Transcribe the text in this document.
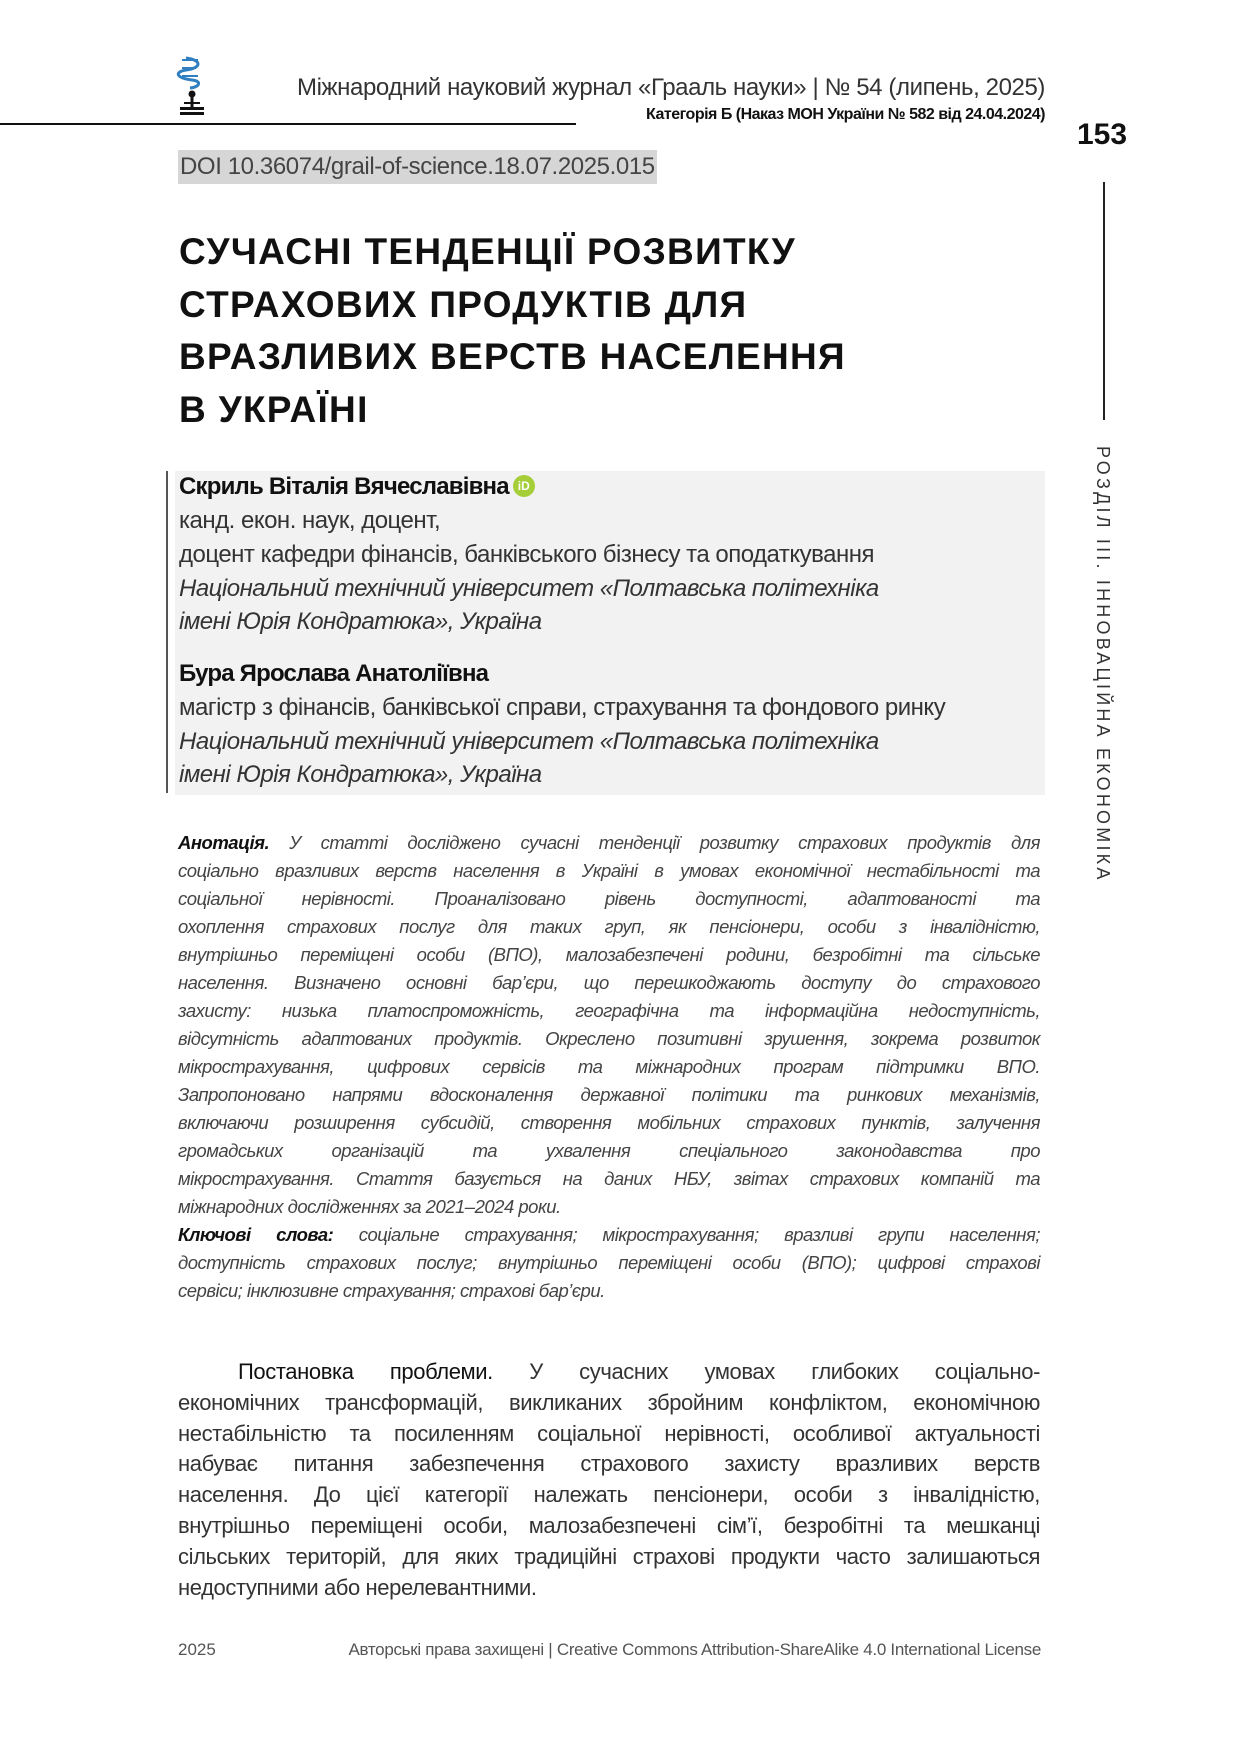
Міжнародний науковий журнал «Грааль науки» | № 54 (липень, 2025)
Категорія Б (Наказ МОН України № 582 від 24.04.2024)
153
РОЗДІЛ ІІІ. ІННОВАЦІЙНА ЕКОНОМІКА
DOI 10.36074/grail-of-science.18.07.2025.015
СУЧАСНІ ТЕНДЕНЦІЇ РОЗВИТКУ
СТРАХОВИХ ПРОДУКТІВ ДЛЯ
ВРАЗЛИВИХ ВЕРСТВ НАСЕЛЕННЯ
В УКРАЇНІ
Скриль Віталія Вячеславівна iD
канд. екон. наук, доцент,
доцент кафедри фінансів, банківського бізнесу та оподаткування
Національний технічний університет «Полтавська політехніка
імені Юрія Кондратюка», Україна
Бура Ярослава Анатоліївна
магістр з фінансів, банківської справи, страхування та фондового ринку
Національний технічний університет «Полтавська політехніка
імені Юрія Кондратюка», Україна
Анотація. У статті досліджено сучасні тенденції розвитку страхових продуктів для
соціально вразливих верств населення в Україні в умовах економічної нестабільності та
соціальної нерівності. Проаналізовано рівень доступності, адаптованості та
охоплення страхових послуг для таких груп, як пенсіонери, особи з інвалідністю,
внутрішньо переміщені особи (ВПО), малозабезпечені родини, безробітні та сільське
населення. Визначено основні бар’єри, що перешкоджають доступу до страхового
захисту: низька платоспроможність, географічна та інформаційна недоступність,
відсутність адаптованих продуктів. Окреслено позитивні зрушення, зокрема розвиток
мікрострахування, цифрових сервісів та міжнародних програм підтримки ВПО.
Запропоновано напрями вдосконалення державної політики та ринкових механізмів,
включаючи розширення субсидій, створення мобільних страхових пунктів, залучення
громадських організацій та ухвалення спеціального законодавства про
мікрострахування. Стаття базується на даних НБУ, звітах страхових компаній та
міжнародних дослідженнях за 2021–2024 роки.
Ключові слова: соціальне страхування; мікрострахування; вразливі групи населення;
доступність страхових послуг; внутрішньо переміщені особи (ВПО); цифрові страхові
сервіси; інклюзивне страхування; страхові бар’єри.
Постановка проблеми. У сучасних умовах глибоких соціально-
економічних трансформацій, викликаних збройним конфліктом, економічною
нестабільністю та посиленням соціальної нерівності, особливої актуальності
набуває питання забезпечення страхового захисту вразливих верств
населення. До цієї категорії належать пенсіонери, особи з інвалідністю,
внутрішньо переміщені особи, малозабезпечені сім’ї, безробітні та мешканці
сільських територій, для яких традиційні страхові продукти часто залишаються
недоступними або нерелевантними.
2025	Авторські права захищені | Creative Commons Attribution-ShareAlike 4.0 International License
